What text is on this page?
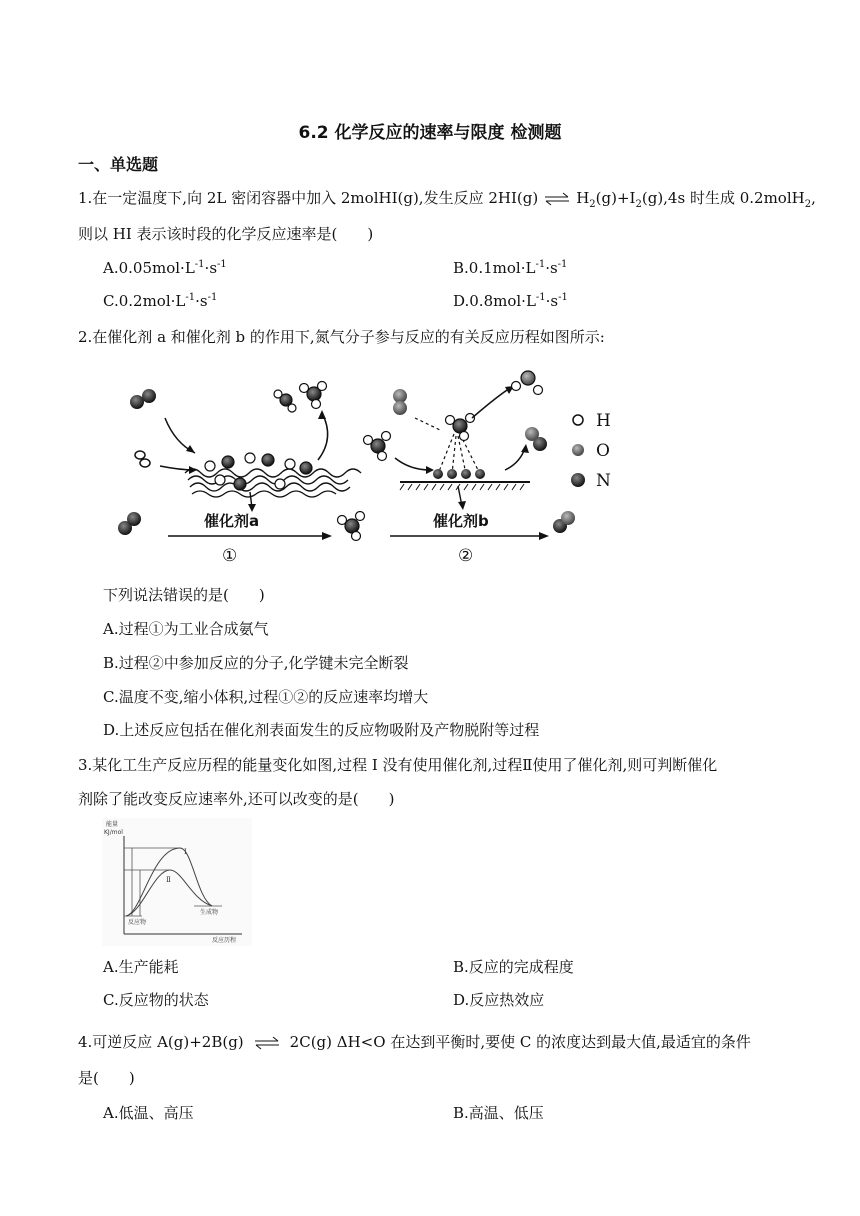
6.2 化学反应的速率与限度 检测题
一、单选题
1.在一定温度下,向 2L 密闭容器中加入 2molHI(g),发生反应 2HI(g) ⇌ $H_2(g)+I_2(g),4s$ 时生成 0.2molH$_2$,
则以 HI 表示该时段的化学反应速率是(　　)
$A.0.05mol\cdot L^{-1}\cdot s^{-1}$	$B.0.1mol\cdot L^{-1}\cdot s^{-1}$
$C.0.2mol\cdot L^{-1}\cdot s^{-1}$	$D.0.8mol\cdot L^{-1}\cdot s^{-1}$
2.在催化剂 a 和催化剂 b 的作用下,氮气分子参与反应的有关反应历程如图所示:
催化剂a
①
催化剂b
②
H
O
N
下列说法错误的是(　　)
A.过程①为工业合成氨气
B.过程②中参加反应的分子,化学键未完全断裂
C.温度不变,缩小体积,过程①②的反应速率均增大
D.上述反应包括在催化剂表面发生的反应物吸附及产物脱附等过程
3.某化工生产反应历程的能量变化如图,过程 I 没有使用催化剂,过程Ⅱ使用了催化剂,则可判断催化
剂除了能改变反应速率外,还可以改变的是(　　)
能量
KJ/mol
反应历程
Ⅰ
Ⅱ
反应物
生成物
A.生产能耗	B.反应的完成程度
C.反应物的状态	D.反应热效应
4.可逆反应 A(g)+2B(g) ⇌ 2C(g) ΔH<O 在达到平衡时,要使 C 的浓度达到最大值,最适宜的条件
是(　　)
A.低温、高压	B.高温、低压
